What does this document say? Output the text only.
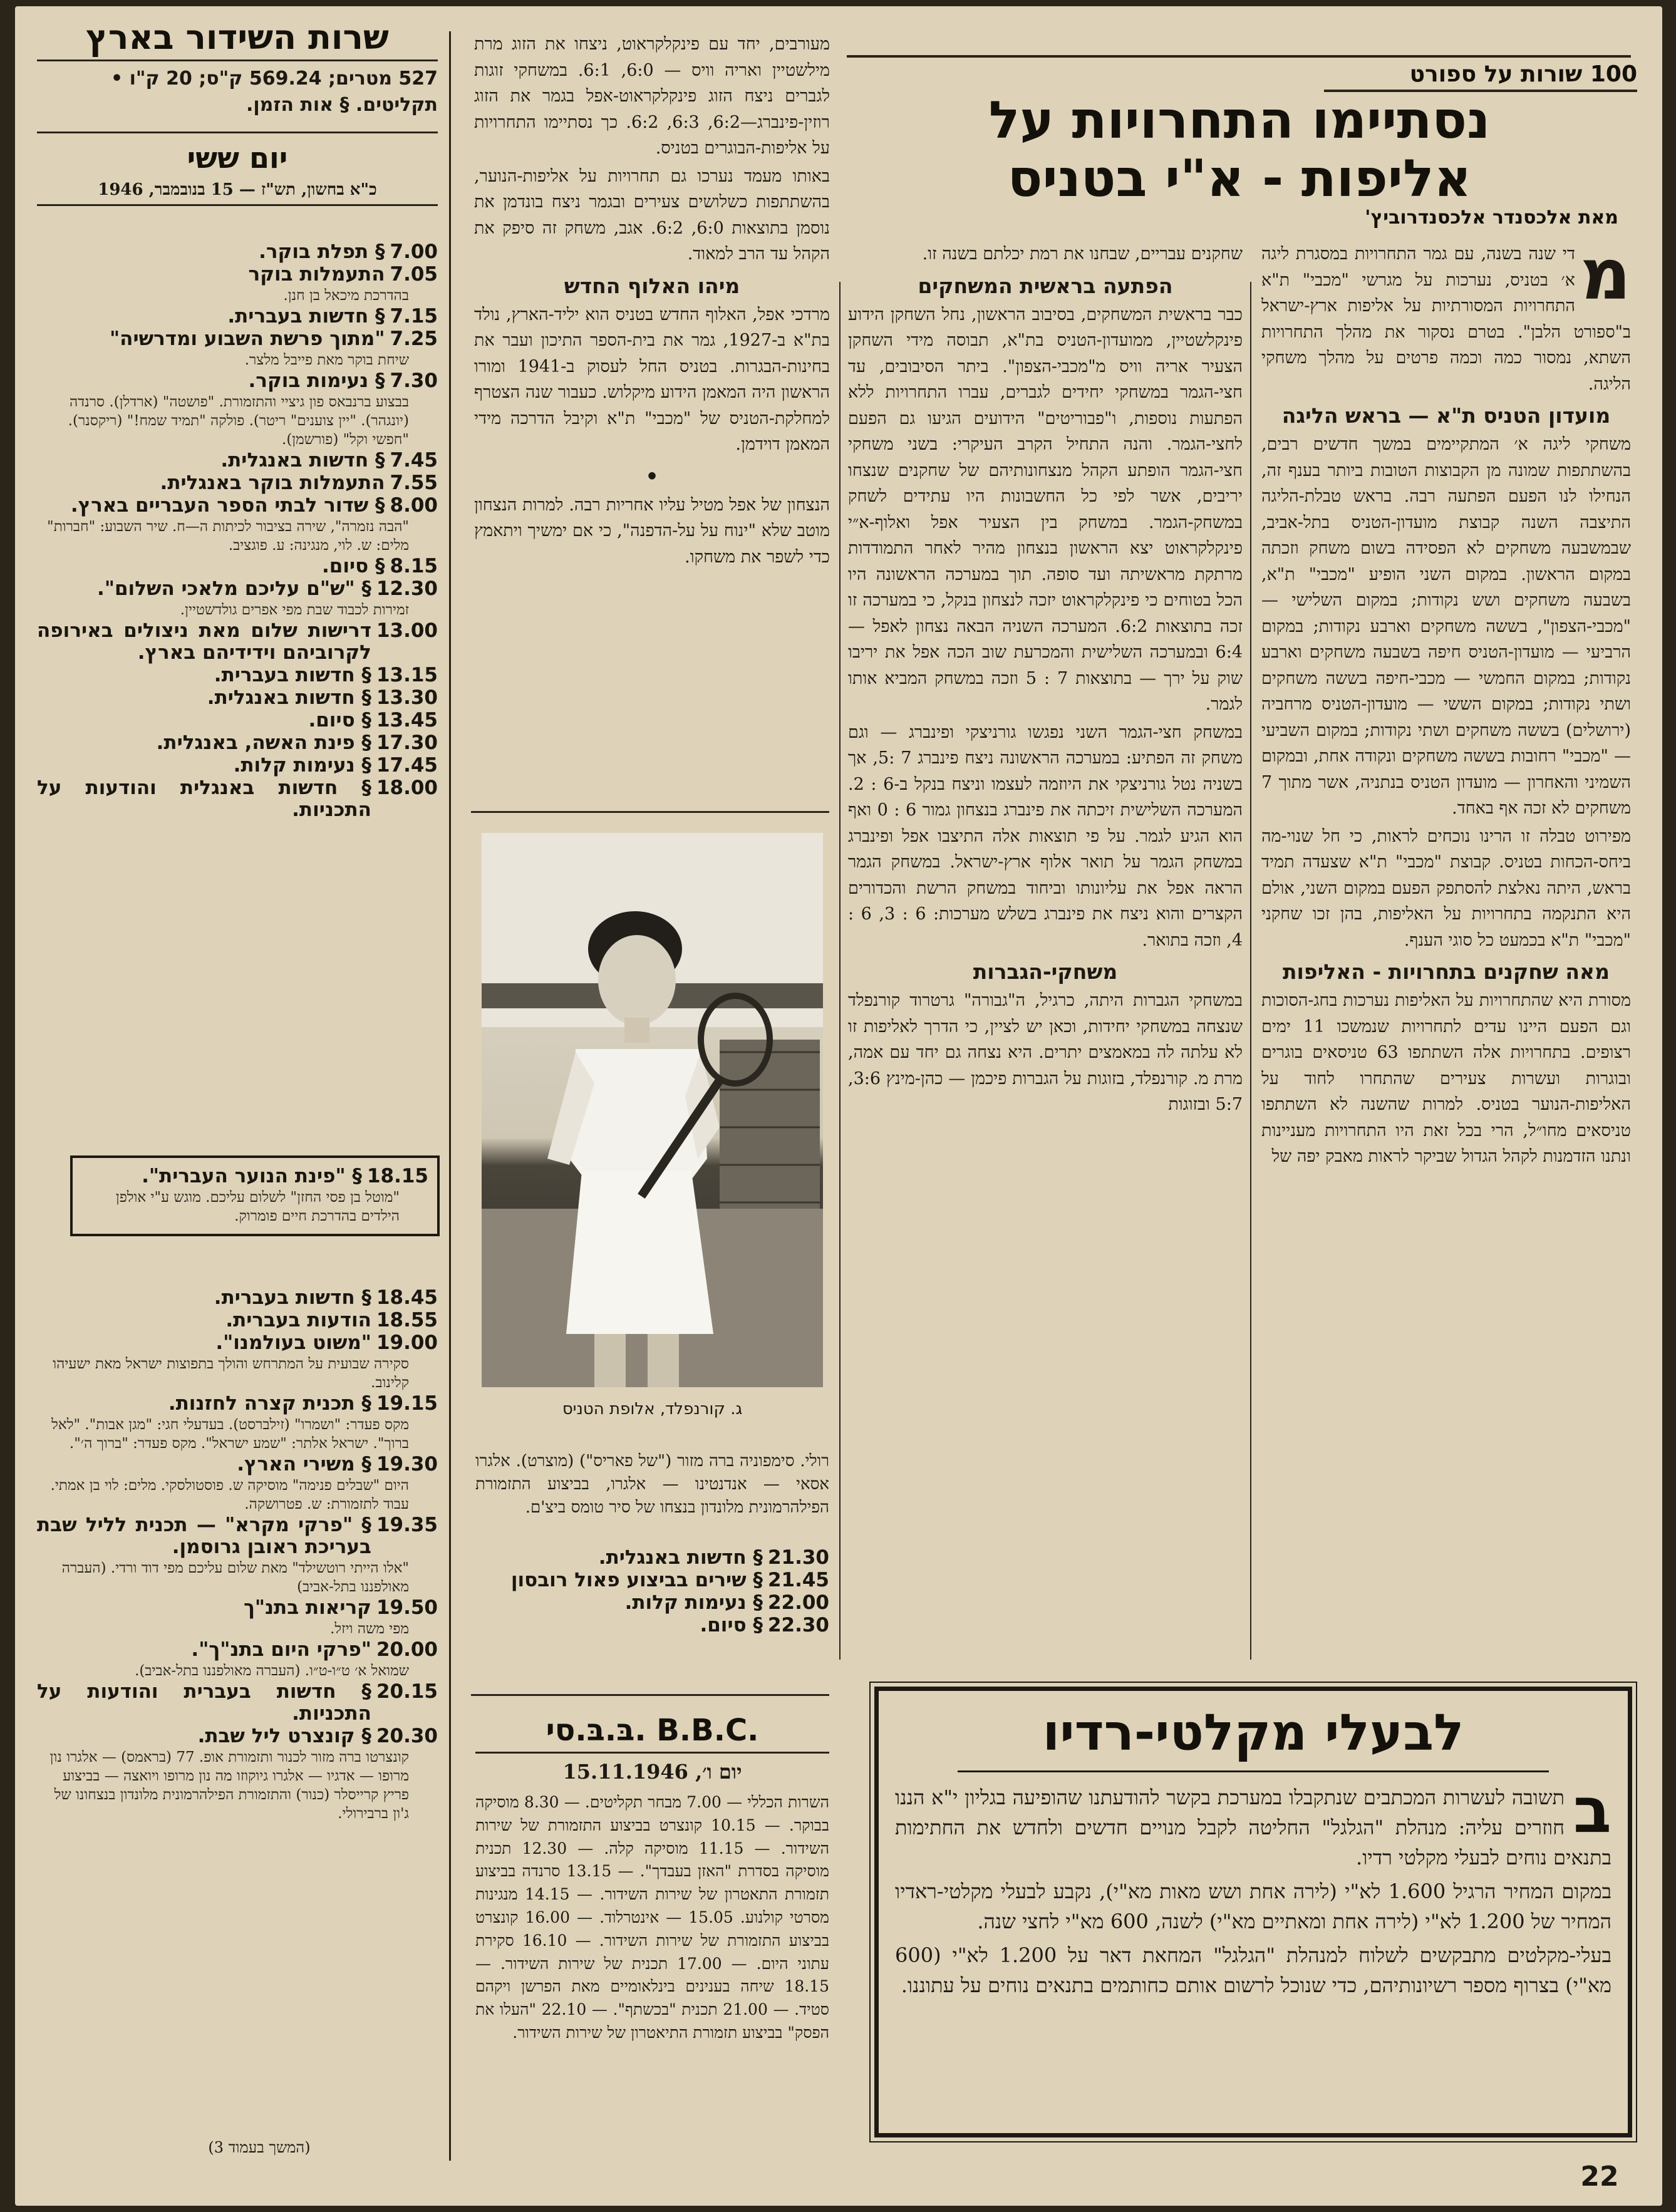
100 שורות על ספורט
נסתיימו התחרויות על
אליפות - א"י בטניס
מאת אלכסנדר אלכסנדרוביץ'
מ

די שנה בשנה, עם גמר התחרויות במסגרת ליגה א׳ בטניס, נערכות על מגרשי "מכבי" ת"א התחרויות המסורתיות על אליפות ארץ-ישראל ב"ספורט הלבן". בטרם נסקור את מהלך התחרויות השתא, נמסור כמה וכמה פרטים על מהלך משחקי הליגה.

מועדון הטניס ת"א — בראש הליגה

משחקי ליגה א׳ המתקיימים במשך חדשים רבים, בהשתתפות שמונה מן הקבוצות הטובות ביותר בענף זה, הנחילו לנו הפעם הפתעה רבה. בראש טבלת-הליגה התיצבה השנה קבוצת מועדון-הטניס בתל-אביב, שבמשבעה משחקים לא הפסידה בשום משחק וזכתה במקום הראשון. במקום השני הופיע "מכבי" ת"א, בשבעה משחקים ושש נקודות; במקום השלישי — "מכבי-הצפון", בששה משחקים וארבע נקודות; במקום הרביעי — מועדון-הטניס חיפה בשבעה משחקים וארבע נקודות; במקום החמשי — מכבי-חיפה בששה משחקים ושתי נקודות; במקום הששי — מועדון-הטניס מרחביה (ירושלים) בששה משחקים ושתי נקודות; במקום השביעי — "מכבי" רחובות בששה משחקים ונקודה אחת, ובמקום השמיני והאחרון — מועדון הטניס בנתניה, אשר מתוך 7 משחקים לא זכה אף באחד.

מפירוט טבלה זו הרינו נוכחים לראות, כי חל שנוי-מה ביחס-הכחות בטניס. קבוצת "מכבי" ת"א שצעדה תמיד בראש, היתה נאלצת להסתפק הפעם במקום השני, אולם היא התנקמה בתחרויות על האליפות, בהן זכו שחקני "מכבי" ת"א בכמעט כל סוגי הענף.

מאה שחקנים בתחרויות - האליפות

מסורת היא שהתחרויות על האליפות נערכות בחג-הסוכות וגם הפעם היינו עדים לתחרויות שנמשכו 11 ימים רצופים. בתחרויות אלה השתתפו 63 טניסאים בוגרים ובוגרות ועשרות צעירים שהתחרו לחוד על האליפות-הנוער בטניס. למרות שהשנה לא השתתפו טניסאים מחו״ל, הרי בכל זאת היו התחרויות מעניינות ונתנו הזדמנות לקהל הגדול שביקר לראות מאבק יפה של

שחקנים עבריים, שבחנו את רמת יכלתם בשנה זו.

הפתעה בראשית המשחקים

כבר בראשית המשחקים, בסיבוב הראשון, נחל השחקן הידוע פינקלשטיין, ממועדון-הטניס בת"א, תבוסה מידי השחקן הצעיר אריה וויס מ"מכבי-הצפון". ביתר הסיבובים, עד חצי-הגמר במשחקי יחידים לגברים, עברו התחרויות ללא הפתעות נוספות, ו"פבוריטים" הידועים הגיעו גם הפעם לחצי-הגמר. והנה התחיל הקרב העיקרי: בשני משחקי חצי-הגמר הופתע הקהל מנצחונותיהם של שחקנים שנצחו יריבים, אשר לפי כל החשבונות היו עתידים לשחק במשחק-הגמר. במשחק בין הצעיר אפל ואלוף-א״י פינקלקראוט יצא הראשון בנצחון מהיר לאחר התמודדות מרתקת מראשיתה ועד סופה. תוך במערכה הראשונה היו הכל בטוחים כי פינקלקראוט יזכה לנצחון בנקל, כי במערכה זו זכה בתוצאות 6:2. המערכה השניה הבאה נצחון לאפל — 6:4 ובמערכה השלישית והמכרעת שוב הכה אפל את יריבו שוק על ירך — בתוצאות 7 : 5 וזכה במשחק המביא אותו לגמר.

במשחק חצי-הגמר השני נפגשו גורניצקי ופינברג — וגם משחק זה הפתיע: במערכה הראשונה ניצח פינברג 7 :5, אך בשניה נטל גורניצקי את היוזמה לעצמו וניצח בנקל ב-6 : 2. המערכה השלישית זיכתה את פינברג בנצחון גמור 6 : 0 ואף הוא הגיע לגמר. על פי תוצאות אלה התיצבו אפל ופינברג במשחק הגמר על תואר אלוף ארץ-ישראל. במשחק הגמר הראה אפל את עליונותו וביחוד במשחק הרשת והכדורים הקצרים והוא ניצח את פינברג בשלש מערכות: 6 : 3, 6 : 4, וזכה בתואר.

משחקי-הגברות

במשחקי הגברות היתה, כרגיל, ה"גבורה" גרטרוד קורנפלד שנצחה במשחקי יחידות, וכאן יש לציין, כי הדרך לאליפות זו לא עלתה לה במאמצים יתרים. היא נצחה גם יחד עם אמה, מרת מ. קורנפלד, בזוגות על הגברות פיכמן — כהן-מינץ 3:6, 5:7 ובזוגות

מעורבים, יחד עם פינקלקראוט, ניצחו את הזוג מרת מילשטיין ואריה וויס — 6:0, 6:1. במשחקי זוגות לגברים ניצח הזוג פינקלקראוט-אפל בגמר את הזוג רוזין-פינברג—6:2, 6:3, 6:2. כך נסתיימו התחרויות על אליפות-הבוגרים בטניס.

באותו מעמד נערכו גם תחרויות על אליפות-הנוער, בהשתתפות כשלושים צעירים ובגמר ניצח בונדמן את נוסמן בתוצאות 6:0, 6:2. אגב, משחק זה סיפק את הקהל עד הרב למאוד.

מיהו האלוף החדש

מרדכי אפל, האלוף החדש בטניס הוא יליד-הארץ, נולד בת"א ב-1927, גמר את בית-הספר התיכון ועבר את בחינות-הבגרות. בטניס החל לעסוק ב-1941 ומורו הראשון היה המאמן הידוע מיקלוש. כעבור שנה הצטרף למחלקת-הטניס של "מכבי" ת"א וקיבל הדרכה מידי המאמן דוידמן.

•

הנצחון של אפל מטיל עליו אחריות רבה. למרות הנצחון מוטב שלא "ינוח על על-הדפנה", כי אם ימשיך ויתאמץ כדי לשפר את משחקו.

ג. קורנפלד, אלופת הטניס
רולי. סימפוניה ברה מזור ("של פאריס") (מוצרט). אלגרו אסאי — אנדנטינו — אלגרו, בביצוע התזמורת הפילהרמונית מלונדון בנצחו של סיר טומס ביצ'ם.
21.30
§ חדשות באנגלית.
21.45
§ שירים בביצוע פאול רובסון
22.00
§ נעימות קלות.
22.30
§ סיום.
בּ.בּ.סי. B.B.C.
יום ו׳, 15.11.1946
השרות הכללי — 7.00 מבחר תקליטים. — 8.30 מוסיקה בבוקר. — 10.15 קונצרט בביצוע התזמורת של שירות השידור. — 11.15 מוסיקה קלה. — 12.30 תכנית מוסיקה בסדרת "האזן בעבדך". — 13.15 סרנדה בביצוע תזמורת התאטרון של שירות השידור. — 14.15 מנגינות מסרטי קולנוע. 15.05 — אינטרלוד. — 16.00 קונצרט בביצוע התזמורת של שירות השידור. — 16.10 סקירת עתוני היום. — 17.00 תכנית של שירות השידור. — 18.15 שיחה בענינים בינלאומיים מאת הפרשן ויקהם סטיד. — 21.00 תכנית "בכשתף". — 22.10 "העלו את הפסק" בביצוע תזמורת התיאטרון של שירות השידור.
לבעלי מקלטי-רדיו
ב

תשובה לעשרות המכתבים שנתקבלו במערכת בקשר להודעתנו שהופיעה בגליון י"א הננו חוזרים עליה: מנהלת "הגלגל" החליטה לקבל מנויים חדשים ולחדש את החתימות בתנאים נוחים לבעלי מקלטי רדיו.

במקום המחיר הרגיל 1.600 לא"י (לירה אחת ושש מאות מא"י), נקבע לבעלי מקלטי-ראדיו המחיר של 1.200 לא"י (לירה אחת ומאתיים מא"י) לשנה, 600 מא"י לחצי שנה.

בעלי-מקלטים מתבקשים לשלוח למנהלת "הגלגל" המחאת דאר על 1.200 לא"י (600 מא"י) בצרוף מספר רשיונותיהם, כדי שנוכל לרשום אותם כחותמים בתנאים נוחים על עתוננו.

שרות השידור בארץ
527 מטרים; 569.24 ק"ס; 20 ק"ו • תקליטים. § אות הזמן.
יום ששי
כ"א בחשון, תש"ז — 15 בנובמבר, 1946
7.00
§ תפלת בוקר.
7.05
התעמלות בוקר
בהדרכת מיכאל בן חנן.
7.15
§ חדשות בעברית.
7.25
"מתוך פרשת השבוע ומדרשיה"
שיחת בוקר מאת פייבל מלצר.
7.30
§ נעימות בוקר.
בבצוע ברנבאס פון גיציי והתזמורת. "פושטה" (ארדלן). סרנדה (יונגהר). "יין צוענים" ריטר). פולקה "תמיד שמח!" (ריקסנר). "חפשי וקל" (פורשמן).
7.45
§ חדשות באנגלית.
7.55
התעמלות בוקר באנגלית.
8.00
§ שדור לבתי הספר העבריים בארץ.
"הבה נזמרה", שירה בציבור לכיתות ה—ח. שיר השבוע: "חברות" מלים: ש. לוי, מנגינה: ע. פוגציב.
8.15
§ סיום.
12.30
§ "ש"ם עליכם מלאכי השלום".
זמירות לכבוד שבת מפי אפרים גולדשטיין.
13.00
דרישות שלום מאת ניצולים באירופה לקרוביהם וידידיהם בארץ.
13.15
§ חדשות בעברית.
13.30
§ חדשות באנגלית.
13.45
§ סיום.
17.30
§ פינת האשה, באנגלית.
17.45
§ נעימות קלות.
18.00
§ חדשות באנגלית והודעות על התכניות.
18.15
§ "פינת הנוער העברית".
"מוטל בן פסי החזן" לשלום עליכם. מוגש ע"י אולפן הילדים בהדרכת חיים פומרוק.
18.45
§ חדשות בעברית.
18.55
הודעות בעברית.
19.00
"משוט בעולמנו".
סקירה שבועית על המתרחש והולך בתפוצות ישראל מאת ישעיהו קלינוב.
19.15
§ תכנית קצרה לחזנות.
מקס פעדר: "ושמרו" (זילברסט). בעדעלי חגי: "מגן אבות". "לאל ברוך". ישראל אלתר: "שמע ישראל". מקס פעדר: "ברוך ה׳".
19.30
§ משירי הארץ.
היום "שבלים פנימה" מוסיקה ש. פוסטולסקי. מלים: לוי בן אמתי. עבוד לתזמורת: ש. פטרושקה.
19.35
§ "פרקי מקרא" — תכנית לליל שבת בעריכת ראובן גרוסמן.
"אלו הייתי רוטשילד" מאת שלום עליכם מפי דוד ורדי. (העברה מאולפננו בתל-אביב)
19.50
קריאות בתנ"ך
מפי משה ויזל.
20.00
"פרקי היום בתנ"ך".
שמואל א׳ ט״ו-ט״ו. (העברה מאולפננו בתל-אביב).
20.15
§ חדשות בעברית והודעות על התכניות.
20.30
§ קונצרט ליל שבת.
קונצרטו ברה מזור לכנור ותזמורת אופ. 77 (בראמס) — אלגרו נון מרופו — אדגיו — אלגרו גיוקוזו מה נון מרופו ויואצה — בביצוע פריץ קרייסלר (כנור) והתזמורת הפילהרמונית מלונדון בנצחונו של ג'ון ברבירולי.
(המשך בעמוד 3)
22
